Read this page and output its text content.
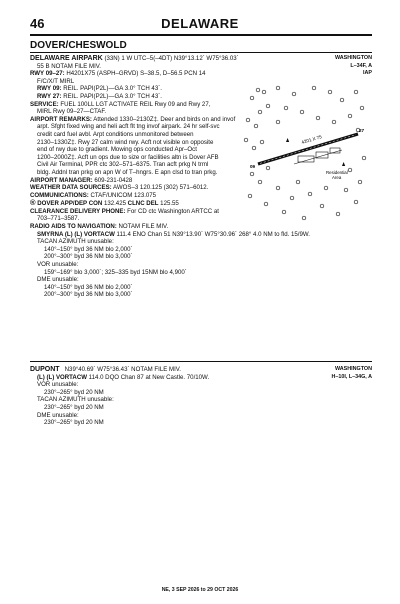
46	DELAWARE
DOVER/CHESWOLD
WASHINGTON
L–34F, A
IAP
DELAWARE AIRPARK (33N) 1 W UTC–5(–4DT) N39°13.12´ W75°36.03´
55 B NOTAM FILE MIV.
RWY 09–27: H4201X75 (ASPH–GRVD) S–38.5, D–56.5 PCN 14
F/C/X/T MIRL
RWY 09: REIL. PAPI(P2L)—GA 3.0° TCH 43´.
RWY 27: REIL. PAPI(P2L)—GA 3.0° TCH 43´.
SERVICE: FUEL 100LL LGT ACTIVATE REIL Rwy 09 and Rwy 27,
MIRL Rwy 09–27—CTAF.
AIRPORT REMARKS: Attended 1330–2130Z‡. Deer and birds on and invof
arpt. Sfght fixed wing and heli acft flt tng invof airpark. 24 hr self-svc
credit card fuel avbl. Arpt conditions unmonitored between
2130–1330Z‡. Rwy 27 calm wind rwy. Acft not visible on opposite
end of rwy due to gradient. Mowing ops conducted Apr–Oct
1200–2000Z‡. Acft un ops due to size or facilities altn is Dover AFB
Civil Air Terminal, PPR ctc 302–571–6375. Tran acft prkg N trml
bldg. Addnl tran prkg on apn W of T–hngrs. E apn clsd to tran prkg.
AIRPORT MANAGER: 609-231-0428
WEATHER DATA SOURCES: AWOS–3 120.125 (302) 571–6012.
COMMUNICATIONS: CTAF/UNICOM 123.075
® DOVER APP/DEP CON 132.425 CLNC DEL 125.55
CLEARANCE DELIVERY PHONE: For CD ctc Washington ARTCC at
703–771–3587.
RADIO AIDS TO NAVIGATION: NOTAM FILE MIV.
SMYRNA (L) (L) VORTACW 111.4 ENO Chan 51 N39°13.90´ W75°30.96´ 268° 4.0 NM to fld. 15/9W.
TACAN AZIMUTH unusable:
140°–150° byd 36 NM blo 2,000´
200°–300° byd 36 NM blo 3,000´
VOR unusable:
159°–169° blo 3,000´; 325–335 byd 15NM blo 4,900´
DME unusable:
140°–150° byd 36 NM blo 2,000´
200°–300° byd 36 NM blo 3,000´
4201 X 75
09
27
Residential
Area
WASHINGTON
H–10I, L–34G, A
DUPONT N39°40.69´ W75°36.43´ NOTAM FILE MIV.
(L) (L) VORTACW 114.0 DQO Chan 87 at New Castle. 70/10W.
VOR unusable:
230°–265° byd 20 NM
TACAN AZIMUTH unusable:
230°–265° byd 20 NM
DME unusable:
230°–265° byd 20 NM
NE, 3 SEP 2026 to 29 OCT 2026
